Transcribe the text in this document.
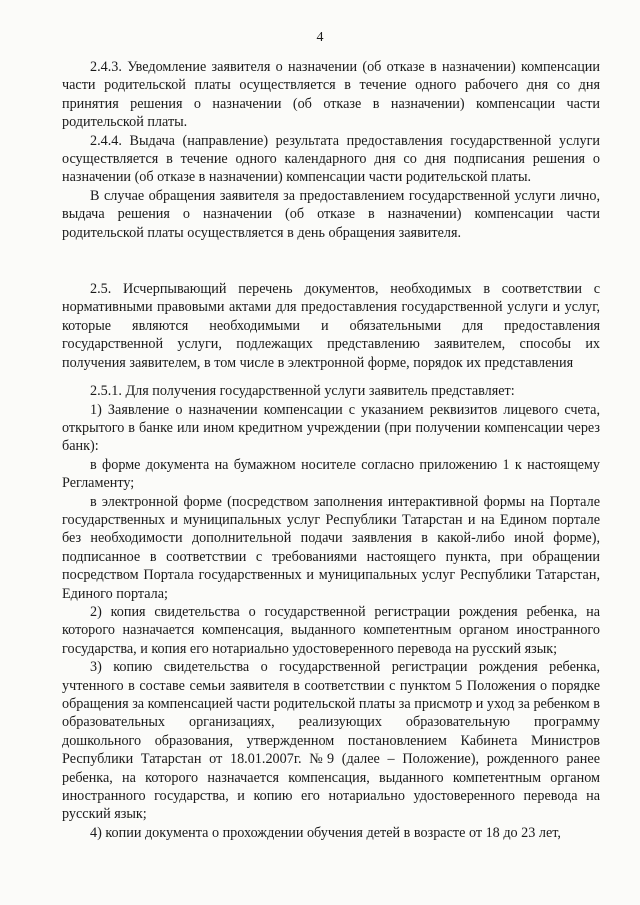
4

2.4.3. Уведомление заявителя о назначении (об отказе в назначении) компенсации части родительской платы осуществляется в течение одного рабочего дня со дня принятия решения о назначении (об отказе в назначении) компенсации части родительской платы.

2.4.4. Выдача (направление) результата предоставления государственной услуги осуществляется в течение одного календарного дня со дня подписания решения о назначении (об отказе в назначении) компенсации части родительской платы.

В случае обращения заявителя за предоставлением государственной услуги лично, выдача решения о назначении (об отказе в назначении) компенсации части родительской платы осуществляется в день обращения заявителя.

2.5. Исчерпывающий перечень документов, необходимых в соответствии с нормативными правовыми актами для предоставления государственной услуги и услуг, которые являются необходимыми и обязательными для предоставления государственной услуги, подлежащих представлению заявителем, способы их получения заявителем, в том числе в электронной форме, порядок их представления

2.5.1. Для получения государственной услуги заявитель представляет:

1) Заявление о назначении компенсации с указанием реквизитов лицевого счета, открытого в банке или ином кредитном учреждении (при получении компенсации через банк):

в форме документа на бумажном носителе согласно приложению 1 к настоящему Регламенту;

в электронной форме (посредством заполнения интерактивной формы на Портале государственных и муниципальных услуг Республики Татарстан и на Едином портале без необходимости дополнительной подачи заявления в какой-либо иной форме), подписанное в соответствии с требованиями настоящего пункта, при обращении посредством Портала государственных и муниципальных услуг Республики Татарстан, Единого портала;

2) копия свидетельства о государственной регистрации рождения ребенка, на которого назначается компенсация, выданного компетентным органом иностранного государства, и копия его нотариально удостоверенного перевода на русский язык;

3) копию свидетельства о государственной регистрации рождения ребенка, учтенного в составе семьи заявителя в соответствии с пунктом 5 Положения о порядке обращения за компенсацией части родительской платы за присмотр и уход за ребенком в образовательных организациях, реализующих образовательную программу дошкольного образования, утвержденном постановлением Кабинета Министров Республики Татарстан от 18.01.2007г. №9 (далее – Положение), рожденного ранее ребенка, на которого назначается компенсация, выданного компетентным органом иностранного государства, и копию его нотариально удостоверенного перевода на русский язык;

4) копии документа о прохождении обучения детей в возрасте от 18 до 23 лет,
